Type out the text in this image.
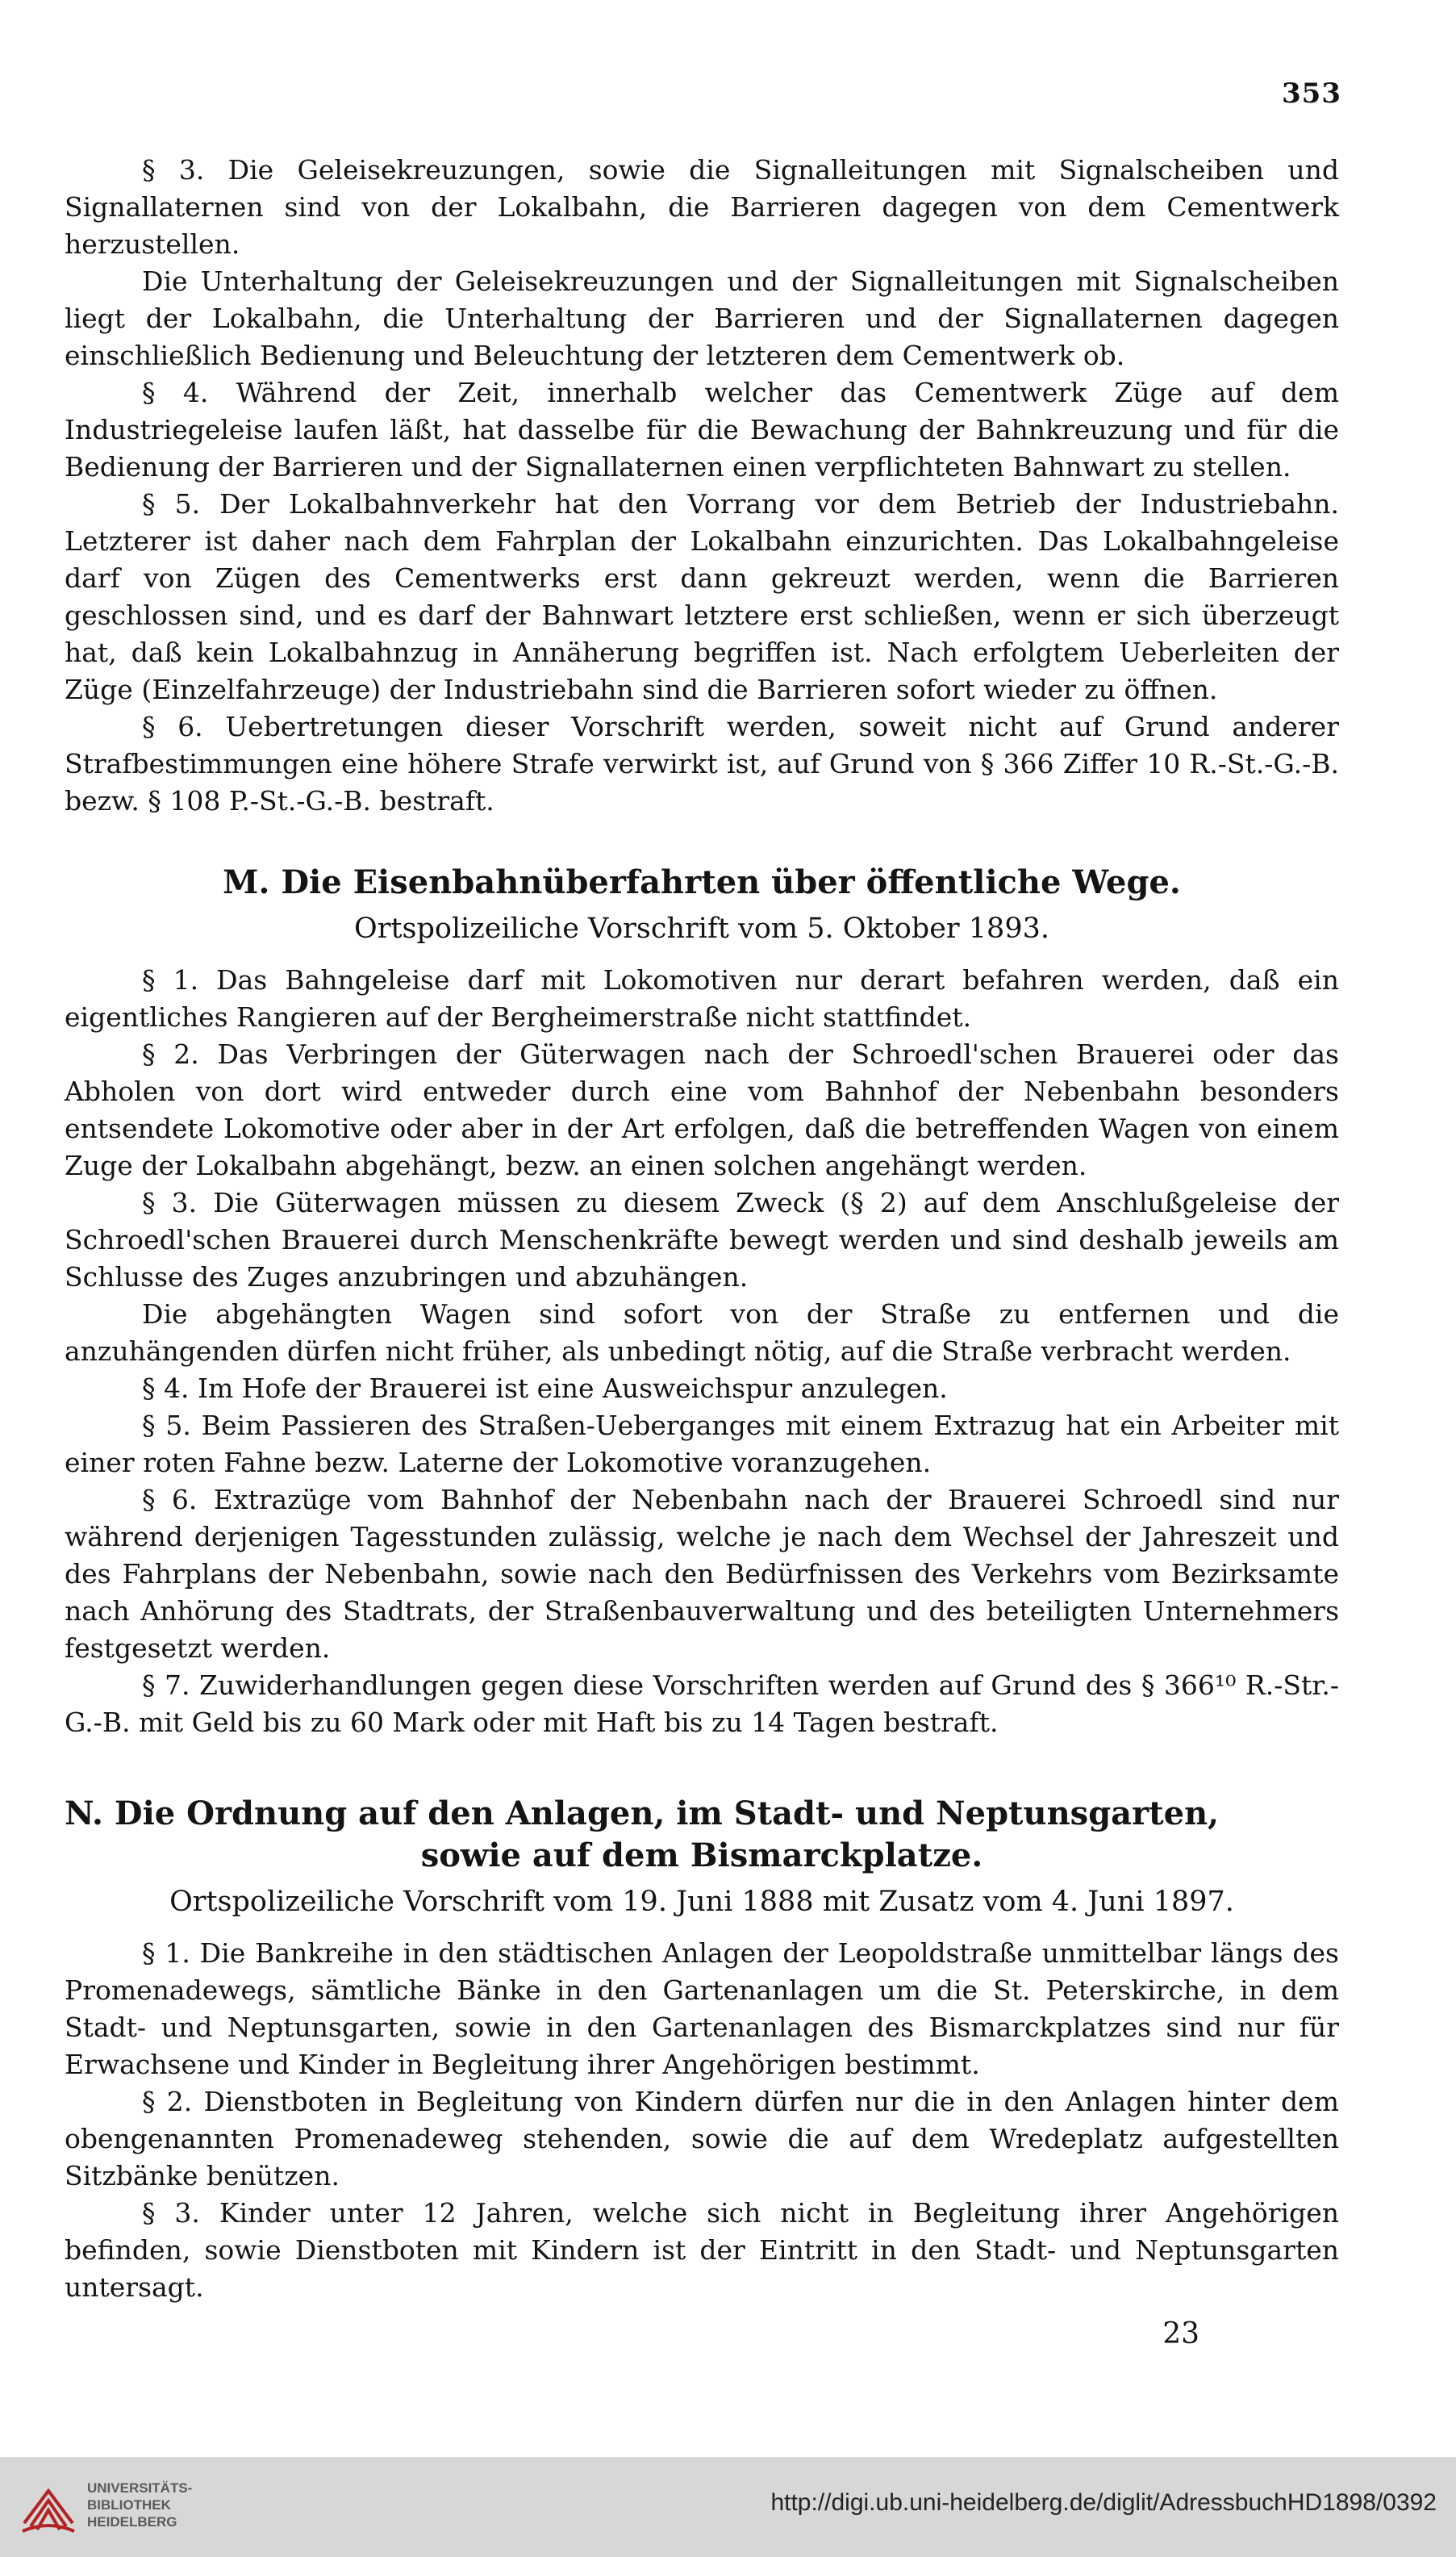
353

§ 3. Die Geleisekreuzungen, sowie die Signalleitungen mit Signalscheiben und Signallaternen sind von der Lokalbahn, die Barrieren dagegen von dem Cementwerk herzustellen.

Die Unterhaltung der Geleisekreuzungen und der Signalleitungen mit Signalscheiben liegt der Lokalbahn, die Unterhaltung der Barrieren und der Signallaternen dagegen einschließlich Bedienung und Beleuchtung der letzteren dem Cementwerk ob.

§ 4. Während der Zeit, innerhalb welcher das Cementwerk Züge auf dem Industriegeleise laufen läßt, hat dasselbe für die Bewachung der Bahnkreuzung und für die Bedienung der Barrieren und der Signallaternen einen verpflichteten Bahnwart zu stellen.

§ 5. Der Lokalbahnverkehr hat den Vorrang vor dem Betrieb der Industriebahn. Letzterer ist daher nach dem Fahrplan der Lokalbahn einzurichten. Das Lokalbahngeleise darf von Zügen des Cementwerks erst dann gekreuzt werden, wenn die Barrieren geschlossen sind, und es darf der Bahnwart letztere erst schließen, wenn er sich überzeugt hat, daß kein Lokalbahnzug in Annäherung begriffen ist. Nach erfolgtem Ueberleiten der Züge (Einzelfahrzeuge) der Industriebahn sind die Barrieren sofort wieder zu öffnen.

§ 6. Uebertretungen dieser Vorschrift werden, soweit nicht auf Grund anderer Strafbestimmungen eine höhere Strafe verwirkt ist, auf Grund von § 366 Ziffer 10 R.-St.-G.-B. bezw. § 108 P.-St.-G.-B. bestraft.

M. Die Eisenbahnüberfahrten über öffentliche Wege.

Ortspolizeiliche Vorschrift vom 5. Oktober 1893.

§ 1. Das Bahngeleise darf mit Lokomotiven nur derart befahren werden, daß ein eigentliches Rangieren auf der Bergheimerstraße nicht stattfindet.

§ 2. Das Verbringen der Güterwagen nach der Schroedl'schen Brauerei oder das Abholen von dort wird entweder durch eine vom Bahnhof der Nebenbahn besonders entsendete Lokomotive oder aber in der Art erfolgen, daß die betreffenden Wagen von einem Zuge der Lokalbahn abgehängt, bezw. an einen solchen angehängt werden.

§ 3. Die Güterwagen müssen zu diesem Zweck (§ 2) auf dem Anschlußgeleise der Schroedl'schen Brauerei durch Menschenkräfte bewegt werden und sind deshalb jeweils am Schlusse des Zuges anzubringen und abzuhängen.

Die abgehängten Wagen sind sofort von der Straße zu entfernen und die anzuhängenden dürfen nicht früher, als unbedingt nötig, auf die Straße verbracht werden.

§ 4. Im Hofe der Brauerei ist eine Ausweichspur anzulegen.

§ 5. Beim Passieren des Straßen-Ueberganges mit einem Extrazug hat ein Arbeiter mit einer roten Fahne bezw. Laterne der Lokomotive voranzugehen.

§ 6. Extrazüge vom Bahnhof der Nebenbahn nach der Brauerei Schroedl sind nur während derjenigen Tagesstunden zulässig, welche je nach dem Wechsel der Jahreszeit und des Fahrplans der Nebenbahn, sowie nach den Bedürfnissen des Verkehrs vom Bezirksamte nach Anhörung des Stadtrats, der Straßenbauverwaltung und des beteiligten Unternehmers festgesetzt werden.

§ 7. Zuwiderhandlungen gegen diese Vorschriften werden auf Grund des § 366¹⁰ R.-Str.-G.-B. mit Geld bis zu 60 Mark oder mit Haft bis zu 14 Tagen bestraft.

N. Die Ordnung auf den Anlagen, im Stadt- und Neptunsgarten,
sowie auf dem Bismarckplatze.

Ortspolizeiliche Vorschrift vom 19. Juni 1888 mit Zusatz vom 4. Juni 1897.

§ 1. Die Bankreihe in den städtischen Anlagen der Leopoldstraße unmittelbar längs des Promenadewegs, sämtliche Bänke in den Gartenanlagen um die St. Peterskirche, in dem Stadt- und Neptunsgarten, sowie in den Gartenanlagen des Bismarckplatzes sind nur für Erwachsene und Kinder in Begleitung ihrer Angehörigen bestimmt.

§ 2. Dienstboten in Begleitung von Kindern dürfen nur die in den Anlagen hinter dem obengenannten Promenadeweg stehenden, sowie die auf dem Wredeplatz aufgestellten Sitzbänke benützen.

§ 3. Kinder unter 12 Jahren, welche sich nicht in Begleitung ihrer Angehörigen befinden, sowie Dienstboten mit Kindern ist der Eintritt in den Stadt- und Neptunsgarten untersagt.

23
UNIVERSITÄTS-
BIBLIOTHEK
HEIDELBERG
http://digi.ub.uni-heidelberg.de/diglit/AdressbuchHD1898/0392
